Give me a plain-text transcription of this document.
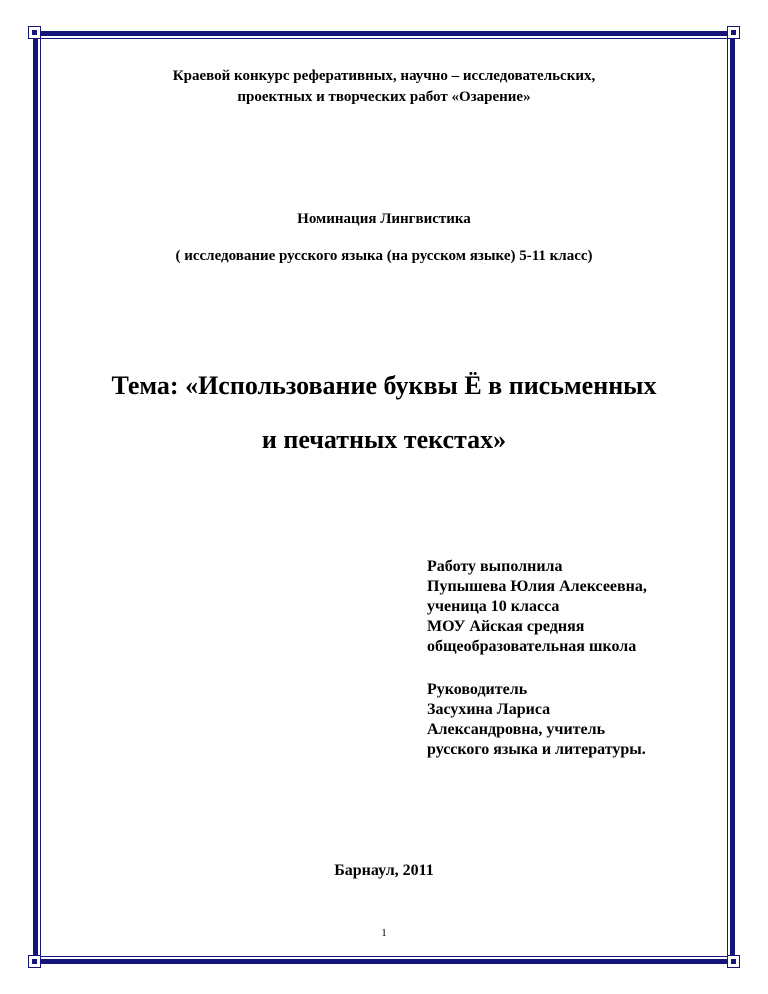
Краевой конкурс реферативных, научно – исследовательских,
проектных и творческих работ «Озарение»
Номинация Лингвистика
( исследование русского языка (на русском языке) 5-11 класс)
Тема: «Использование буквы Ё в письменных
и печатных текстах»
Работу выполнила
Пупышева Юлия Алексеевна,
ученица 10 класса
МОУ Айская средняя
общеобразовательная школа
Руководитель
Засухина Лариса
Александровна, учитель
русского языка и литературы.
Барнаул, 2011
1
